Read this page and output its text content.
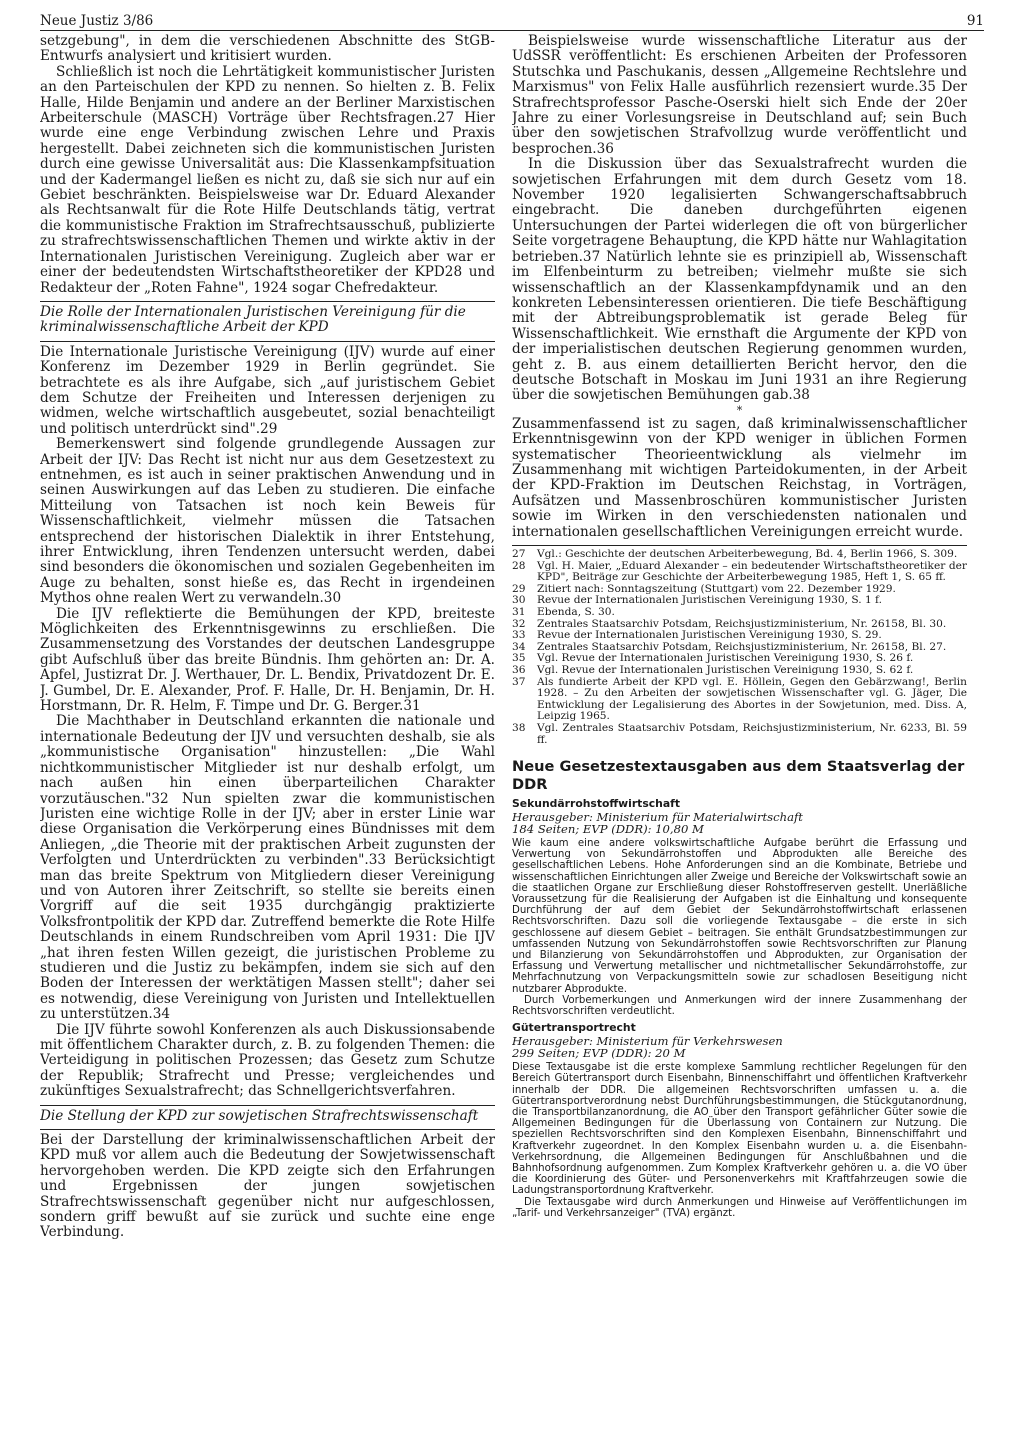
Neue Justiz 3/86	91

setzgebung", in dem die verschiedenen Abschnitte des StGB-Entwurfs analysiert und kritisiert wurden.

Schließlich ist noch die Lehrtätigkeit kommunistischer Juristen an den Parteischulen der KPD zu nennen. So hielten z. B. Felix Halle, Hilde Benjamin und andere an der Berliner Marxistischen Arbeiterschule (MASCH) Vorträge über Rechtsfragen.27 Hier wurde eine enge Verbindung zwischen Lehre und Praxis hergestellt. Dabei zeichneten sich die kommunistischen Juristen durch eine gewisse Universalität aus: Die Klassenkampfsituation und der Kadermangel ließen es nicht zu, daß sie sich nur auf ein Gebiet beschränkten. Beispielsweise war Dr. Eduard Alexander als Rechtsanwalt für die Rote Hilfe Deutschlands tätig, vertrat die kommunistische Fraktion im Strafrechtsausschuß, publizierte zu strafrechtswissenschaftlichen Themen und wirkte aktiv in der Internationalen Juristischen Vereinigung. Zugleich aber war er einer der bedeutendsten Wirtschaftstheoretiker der KPD28 und Redakteur der „Roten Fahne", 1924 sogar Chefredakteur.

Die Rolle der Internationalen Juristischen Vereinigung für die kriminalwissenschaftliche Arbeit der KPD

Die Internationale Juristische Vereinigung (IJV) wurde auf einer Konferenz im Dezember 1929 in Berlin gegründet. Sie betrachtete es als ihre Aufgabe, sich „auf juristischem Gebiet dem Schutze der Freiheiten und Interessen derjenigen zu widmen, welche wirtschaftlich ausgebeutet, sozial benachteiligt und politisch unterdrückt sind".29

Bemerkenswert sind folgende grundlegende Aussagen zur Arbeit der IJV: Das Recht ist nicht nur aus dem Gesetzestext zu entnehmen, es ist auch in seiner praktischen Anwendung und in seinen Auswirkungen auf das Leben zu studieren. Die einfache Mitteilung von Tatsachen ist noch kein Beweis für Wissenschaftlichkeit, vielmehr müssen die Tatsachen entsprechend der historischen Dialektik in ihrer Entstehung, ihrer Entwicklung, ihren Tendenzen untersucht werden, dabei sind besonders die ökonomischen und sozialen Gegebenheiten im Auge zu behalten, sonst hieße es, das Recht in irgendeinen Mythos ohne realen Wert zu verwandeln.30

Die IJV reflektierte die Bemühungen der KPD, breiteste Möglichkeiten des Erkenntnisgewinns zu erschließen. Die Zusammensetzung des Vorstandes der deutschen Landesgruppe gibt Aufschluß über das breite Bündnis. Ihm gehörten an: Dr. A. Apfel, Justizrat Dr. J. Werthauer, Dr. L. Bendix, Privatdozent Dr. E. J. Gumbel, Dr. E. Alexander, Prof. F. Halle, Dr. H. Benjamin, Dr. H. Horstmann, Dr. R. Helm, F. Timpe und Dr. G. Berger.31

Die Machthaber in Deutschland erkannten die nationale und internationale Bedeutung der IJV und versuchten deshalb, sie als „kommunistische Organisation" hinzustellen: „Die Wahl nichtkommunistischer Mitglieder ist nur deshalb erfolgt, um nach außen hin einen überparteilichen Charakter vorzutäuschen."32 Nun spielten zwar die kommunistischen Juristen eine wichtige Rolle in der IJV; aber in erster Linie war diese Organisation die Verkörperung eines Bündnisses mit dem Anliegen, „die Theorie mit der praktischen Arbeit zugunsten der Verfolgten und Unterdrückten zu verbinden".33 Berücksichtigt man das breite Spektrum von Mitgliedern dieser Vereinigung und von Autoren ihrer Zeitschrift, so stellte sie bereits einen Vorgriff auf die seit 1935 durchgängig praktizierte Volksfrontpolitik der KPD dar. Zutreffend bemerkte die Rote Hilfe Deutschlands in einem Rundschreiben vom April 1931: Die IJV „hat ihren festen Willen gezeigt, die juristischen Probleme zu studieren und die Justiz zu bekämpfen, indem sie sich auf den Boden der Interessen der werktätigen Massen stellt"; daher sei es notwendig, diese Vereinigung von Juristen und Intellektuellen zu unterstützen.34

Die IJV führte sowohl Konferenzen als auch Diskussionsabende mit öffentlichem Charakter durch, z. B. zu folgenden Themen: die Verteidigung in politischen Prozessen; das Gesetz zum Schutze der Republik; Strafrecht und Presse; vergleichendes und zukünftiges Sexualstrafrecht; das Schnellgerichtsverfahren.

Die Stellung der KPD zur sowjetischen Strafrechtswissenschaft

Bei der Darstellung der kriminalwissenschaftlichen Arbeit der KPD muß vor allem auch die Bedeutung der Sowjetwissenschaft hervorgehoben werden. Die KPD zeigte sich den Erfahrungen und Ergebnissen der jungen sowjetischen Strafrechtswissenschaft gegenüber nicht nur aufgeschlossen, sondern griff bewußt auf sie zurück und suchte eine enge Verbindung.

Beispielsweise wurde wissenschaftliche Literatur aus der UdSSR veröffentlicht: Es erschienen Arbeiten der Professoren Stutschka und Paschukanis, dessen „Allgemeine Rechtslehre und Marxismus" von Felix Halle ausführlich rezensiert wurde.35 Der Strafrechtsprofessor Pasche-Oserski hielt sich Ende der 20er Jahre zu einer Vorlesungsreise in Deutschland auf; sein Buch über den sowjetischen Strafvollzug wurde veröffentlicht und besprochen.36

In die Diskussion über das Sexualstrafrecht wurden die sowjetischen Erfahrungen mit dem durch Gesetz vom 18. November 1920 legalisierten Schwangerschaftsabbruch eingebracht. Die daneben durchgeführten eigenen Untersuchungen der Partei widerlegen die oft von bürgerlicher Seite vorgetragene Behauptung, die KPD hätte nur Wahlagitation betrieben.37 Natürlich lehnte sie es prinzipiell ab, Wissenschaft im Elfenbeinturm zu betreiben; vielmehr mußte sie sich wissenschaftlich an der Klassenkampfdynamik und an den konkreten Lebensinteressen orientieren. Die tiefe Beschäftigung mit der Abtreibungsproblematik ist gerade Beleg für Wissenschaftlichkeit. Wie ernsthaft die Argumente der KPD von der imperialistischen deutschen Regierung genommen wurden, geht z. B. aus einem detaillierten Bericht hervor, den die deutsche Botschaft in Moskau im Juni 1931 an ihre Regierung über die sowjetischen Bemühungen gab.38

*

Zusammenfassend ist zu sagen, daß kriminalwissenschaftlicher Erkenntnisgewinn von der KPD weniger in üblichen Formen systematischer Theorieentwicklung als vielmehr im Zusammenhang mit wichtigen Parteidokumenten, in der Arbeit der KPD-Fraktion im Deutschen Reichstag, in Vorträgen, Aufsätzen und Massenbroschüren kommunistischer Juristen sowie im Wirken in den verschiedensten nationalen und internationalen gesellschaftlichen Vereinigungen erreicht wurde.

27	Vgl.: Geschichte der deutschen Arbeiterbewegung, Bd. 4, Berlin 1966, S. 309.
28	Vgl. H. Maier, „Eduard Alexander – ein bedeutender Wirtschaftstheoretiker der KPD", Beiträge zur Geschichte der Arbeiterbewegung 1985, Heft 1, S. 65 ff.
29	Zitiert nach: Sonntagszeitung (Stuttgart) vom 22. Dezember 1929.
30	Revue der Internationalen Juristischen Vereinigung 1930, S. 1 f.
31	Ebenda, S. 30.
32	Zentrales Staatsarchiv Potsdam, Reichsjustizministerium, Nr. 26158, Bl. 30.
33	Revue der Internationalen Juristischen Vereinigung 1930, S. 29.
34	Zentrales Staatsarchiv Potsdam, Reichsjustizministerium, Nr. 26158, Bl. 27.
35	Vgl. Revue der Internationalen Juristischen Vereinigung 1930, S. 26 f.
36	Vgl. Revue der Internationalen Juristischen Vereinigung 1930, S. 62 f.
37	Als fundierte Arbeit der KPD vgl. E. Höllein, Gegen den Gebärzwang!, Berlin 1928. – Zu den Arbeiten der sowjetischen Wissenschafter vgl. G. Jäger, Die Entwicklung der Legalisierung des Abortes in der Sowjetunion, med. Diss. A, Leipzig 1965.
38	Vgl. Zentrales Staatsarchiv Potsdam, Reichsjustizministerium, Nr. 6233, Bl. 59 ff.
Neue Gesetzestextausgaben aus dem Staatsverlag der DDR
Sekundärrohstoffwirtschaft
Herausgeber: Ministerium für Materialwirtschaft
184 Seiten; EVP (DDR): 10,80 M

Wie kaum eine andere volkswirtschaftliche Aufgabe berührt die Erfassung und Verwertung von Sekundärrohstoffen und Abprodukten alle Bereiche des gesellschaftlichen Lebens. Hohe Anforderungen sind an die Kombinate, Betriebe und wissenschaftlichen Einrichtungen aller Zweige und Bereiche der Volkswirtschaft sowie an die staatlichen Organe zur Erschließung dieser Rohstoffreserven gestellt. Unerläßliche Voraussetzung für die Realisierung der Aufgaben ist die Einhaltung und konsequente Durchführung der auf dem Gebiet der Sekundärrohstoffwirtschaft erlassenen Rechtsvorschriften. Dazu soll die vorliegende Textausgabe – die erste in sich geschlossene auf diesem Gebiet – beitragen. Sie enthält Grundsatzbestimmungen zur umfassenden Nutzung von Sekundärrohstoffen sowie Rechtsvorschriften zur Planung und Bilanzierung von Sekundärrohstoffen und Abprodukten, zur Organisation der Erfassung und Verwertung metallischer und nichtmetallischer Sekundärrohstoffe, zur Mehrfachnutzung von Verpackungsmitteln sowie zur schadlosen Beseitigung nicht nutzbarer Abprodukte.

Durch Vorbemerkungen und Anmerkungen wird der innere Zusammenhang der Rechtsvorschriften verdeutlicht.

Gütertransportrecht
Herausgeber: Ministerium für Verkehrswesen
299 Seiten; EVP (DDR): 20 M

Diese Textausgabe ist die erste komplexe Sammlung rechtlicher Regelungen für den Bereich Gütertransport durch Eisenbahn, Binnenschiffahrt und öffentlichen Kraftverkehr innerhalb der DDR. Die allgemeinen Rechtsvorschriften umfassen u. a. die Gütertransportverordnung nebst Durchführungsbestimmungen, die Stückgutanordnung, die Transportbilanzanordnung, die AO über den Transport gefährlicher Güter sowie die Allgemeinen Bedingungen für die Überlassung von Containern zur Nutzung. Die speziellen Rechtsvorschriften sind den Komplexen Eisenbahn, Binnenschiffahrt und Kraftverkehr zugeordnet. In den Komplex Eisenbahn wurden u. a. die Eisenbahn-Verkehrsordnung, die Allgemeinen Bedingungen für Anschlußbahnen und die Bahnhofsordnung aufgenommen. Zum Komplex Kraftverkehr gehören u. a. die VO über die Koordinierung des Güter- und Personenverkehrs mit Kraftfahrzeugen sowie die Ladungstransportordnung Kraftverkehr.

Die Textausgabe wird durch Anmerkungen und Hinweise auf Veröffentlichungen im „Tarif- und Verkehrsanzeiger" (TVA) ergänzt.
